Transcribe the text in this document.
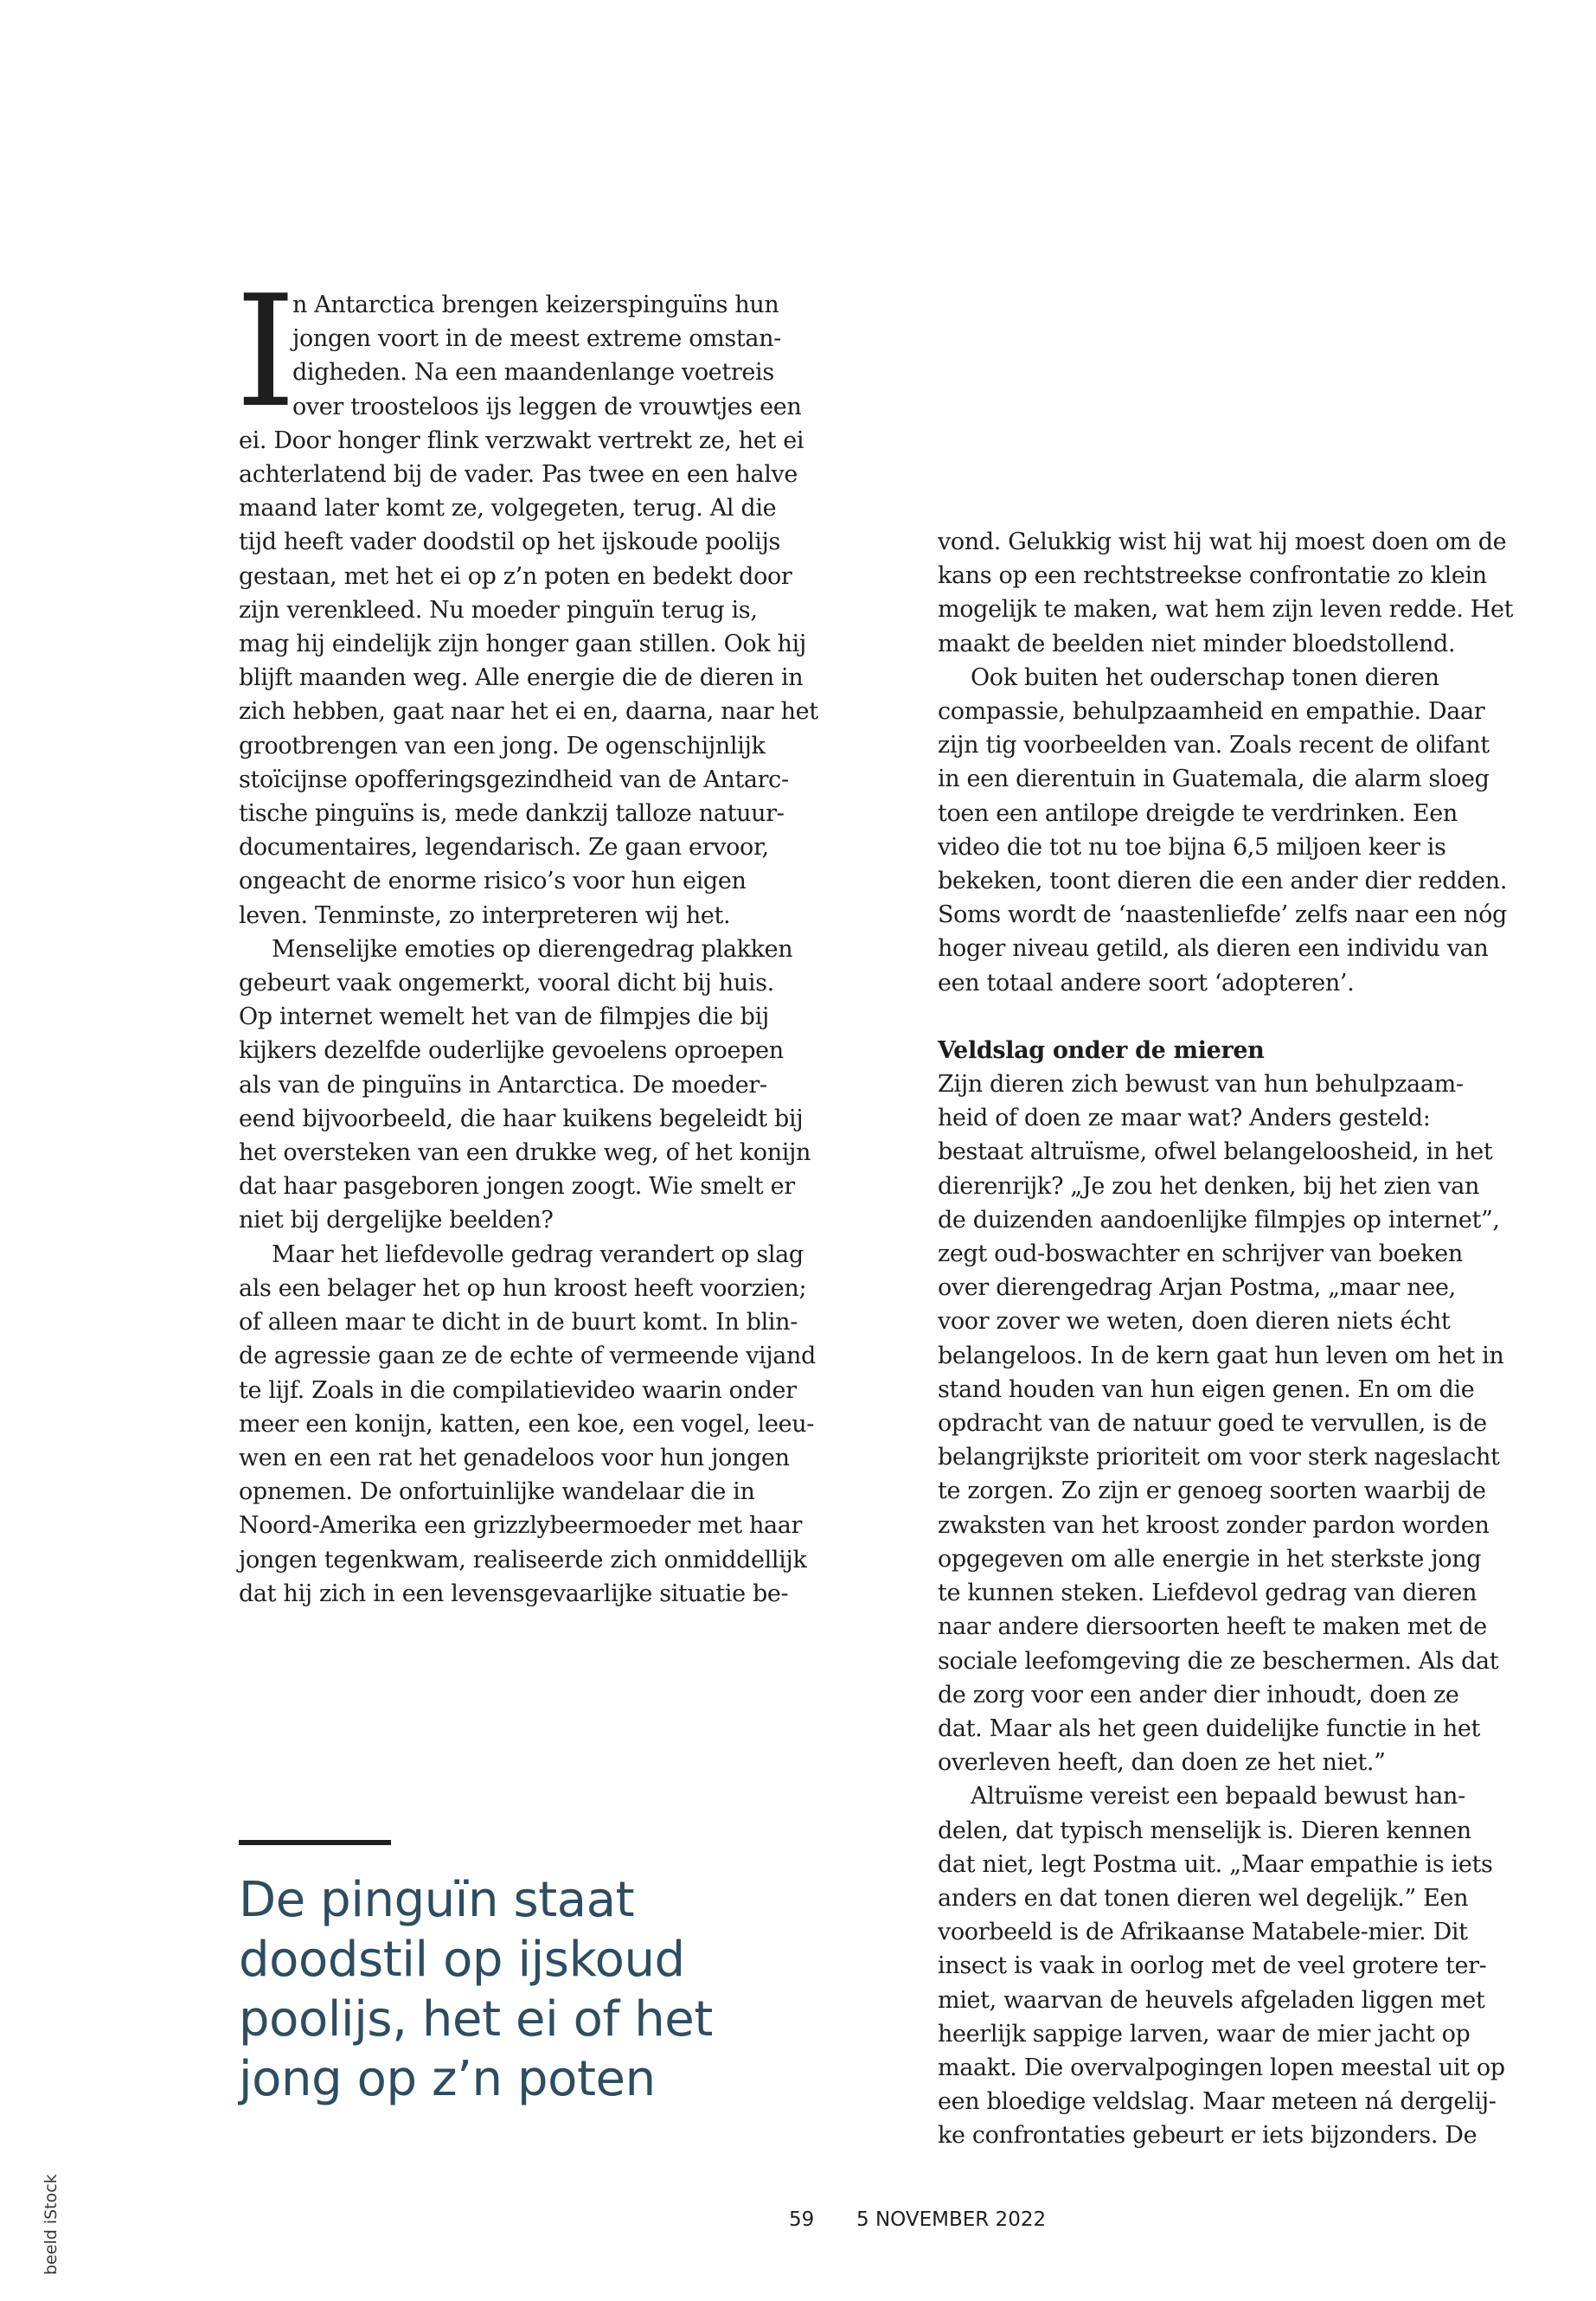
I

n Antarctica brengen keizerspinguïns hun

jongen voort in de meest extreme omstan-

digheden. Na een maandenlange voetreis

over troosteloos ijs leggen de vrouwtjes een

ei. Door honger flink verzwakt vertrekt ze, het ei

achterlatend bij de vader. Pas twee en een halve

maand later komt ze, volgegeten, terug. Al die

tijd heeft vader doodstil op het ijskoude poolijs

gestaan, met het ei op z’n poten en bedekt door

zijn verenkleed. Nu moeder pinguïn terug is,

mag hij eindelijk zijn honger gaan stillen. Ook hij

blijft maanden weg. Alle energie die de dieren in

zich hebben, gaat naar het ei en, daarna, naar het

grootbrengen van een jong. De ogenschijnlijk

stoïcijnse opofferingsgezindheid van de Antarc-

tische pinguïns is, mede dankzij talloze natuur-

documentaires, legendarisch. Ze gaan ervoor,

ongeacht de enorme risico’s voor hun eigen

leven. Tenminste, zo interpreteren wij het.

Menselijke emoties op dierengedrag plakken

gebeurt vaak ongemerkt, vooral dicht bij huis.

Op internet wemelt het van de filmpjes die bij

kijkers dezelfde ouderlijke gevoelens oproepen

als van de pinguïns in Antarctica. De moeder-

eend bijvoorbeeld, die haar kuikens begeleidt bij

het oversteken van een drukke weg, of het konijn

dat haar pasgeboren jongen zoogt. Wie smelt er

niet bij dergelijke beelden?

Maar het liefdevolle gedrag verandert op slag

als een belager het op hun kroost heeft voorzien;

of alleen maar te dicht in de buurt komt. In blin-

de agressie gaan ze de echte of vermeende vijand

te lijf. Zoals in die compilatievideo waarin onder

meer een konijn, katten, een koe, een vogel, leeu-

wen en een rat het genadeloos voor hun jongen

opnemen. De onfortuinlijke wandelaar die in

Noord-Amerika een grizzlybeermoeder met haar

jongen tegenkwam, realiseerde zich onmiddellijk

dat hij zich in een levensgevaarlijke situatie be-

vond. Gelukkig wist hij wat hij moest doen om de

kans op een rechtstreekse confrontatie zo klein

mogelijk te maken, wat hem zijn leven redde. Het

maakt de beelden niet minder bloedstollend.

Ook buiten het ouderschap tonen dieren

compassie, behulpzaamheid en empathie. Daar

zijn tig voorbeelden van. Zoals recent de olifant

in een dierentuin in Guatemala, die alarm sloeg

toen een antilope dreigde te verdrinken. Een

video die tot nu toe bijna 6,5 miljoen keer is

bekeken, toont dieren die een ander dier redden.

Soms wordt de ‘naastenliefde’ zelfs naar een nóg

hoger niveau getild, als dieren een individu van

een totaal andere soort ‘adopteren’.

Veldslag onder de mieren

Zijn dieren zich bewust van hun behulpzaam-

heid of doen ze maar wat? Anders gesteld:

bestaat altruïsme, ofwel belangeloosheid, in het

dierenrijk? „Je zou het denken, bij het zien van

de duizenden aandoenlijke filmpjes op internet”,

zegt oud-boswachter en schrijver van boeken

over dierengedrag Arjan Postma, „maar nee,

voor zover we weten, doen dieren niets écht

belangeloos. In de kern gaat hun leven om het in

stand houden van hun eigen genen. En om die

opdracht van de natuur goed te vervullen, is de

belangrijkste prioriteit om voor sterk nageslacht

te zorgen. Zo zijn er genoeg soorten waarbij de

zwaksten van het kroost zonder pardon worden

opgegeven om alle energie in het sterkste jong

te kunnen steken. Liefdevol gedrag van dieren

naar andere diersoorten heeft te maken met de

sociale leefomgeving die ze beschermen. Als dat

de zorg voor een ander dier inhoudt, doen ze

dat. Maar als het geen duidelijke functie in het

overleven heeft, dan doen ze het niet.”

Altruïsme vereist een bepaald bewust han-

delen, dat typisch menselijk is. Dieren kennen

dat niet, legt Postma uit. „Maar empathie is iets

anders en dat tonen dieren wel degelijk.” Een

voorbeeld is de Afrikaanse Matabele-mier. Dit

insect is vaak in oorlog met de veel grotere ter-

miet, waarvan de heuvels afgeladen liggen met

heerlijk sappige larven, waar de mier jacht op

maakt. Die overvalpogingen lopen meestal uit op

een bloedige veldslag. Maar meteen ná dergelij-

ke confrontaties gebeurt er iets bijzonders. De

De pinguïn staat
doodstil op ijskoud
poolijs, het ei of het
jong op z’n poten
59 5 NOVEMBER 2022
beeld iStock
